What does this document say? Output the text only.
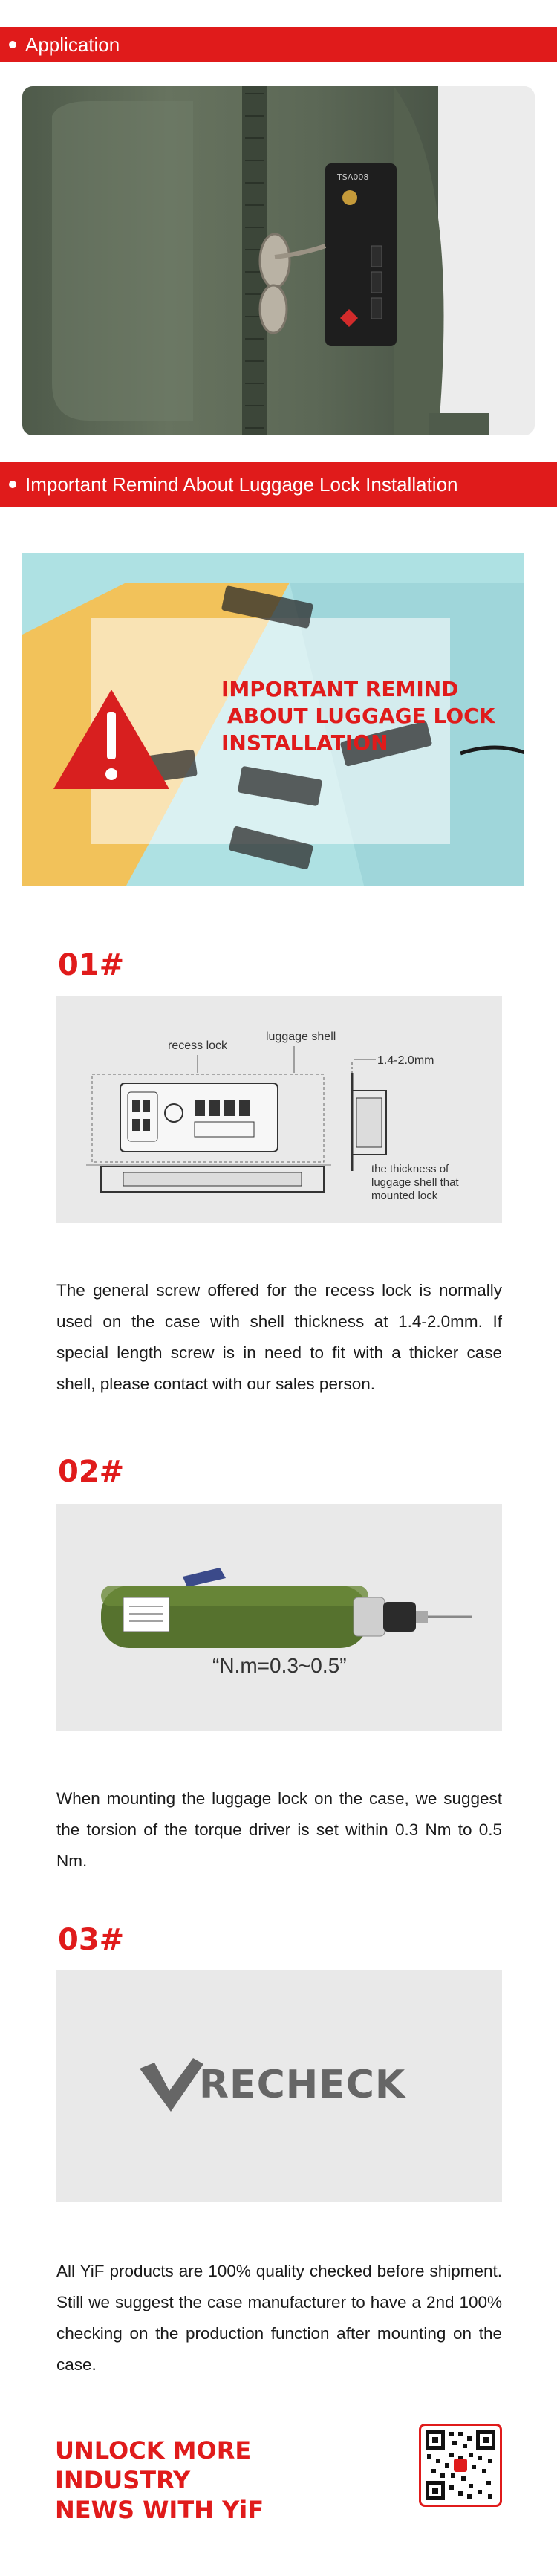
Application
TSA008
Important Remind About Luggage Lock Installation
IMPORTANT REMIND
ABOUT LUGGAGE LOCK
INSTALLATION
01#
recess lock
luggage shell
1.4-2.0mm
the thickness of
luggage shell that
mounted lock
The general screw offered for the recess lock is normally used on the case with shell thickness at 1.4-2.0mm. If special length screw is in need to fit with a thicker case shell, please contact with our sales person.
02#
“N.m=0.3~0.5”
When mounting the luggage lock on the case, we suggest the torsion of the torque driver is set within 0.3 Nm to 0.5 Nm.
03#
RECHECK
All YiF products are 100% quality checked before shipment. Still we suggest the case manufacturer to have a 2nd 100% checking on the production function after mounting on the case.
UNLOCK MORE INDUSTRY
NEWS WITH YiF
